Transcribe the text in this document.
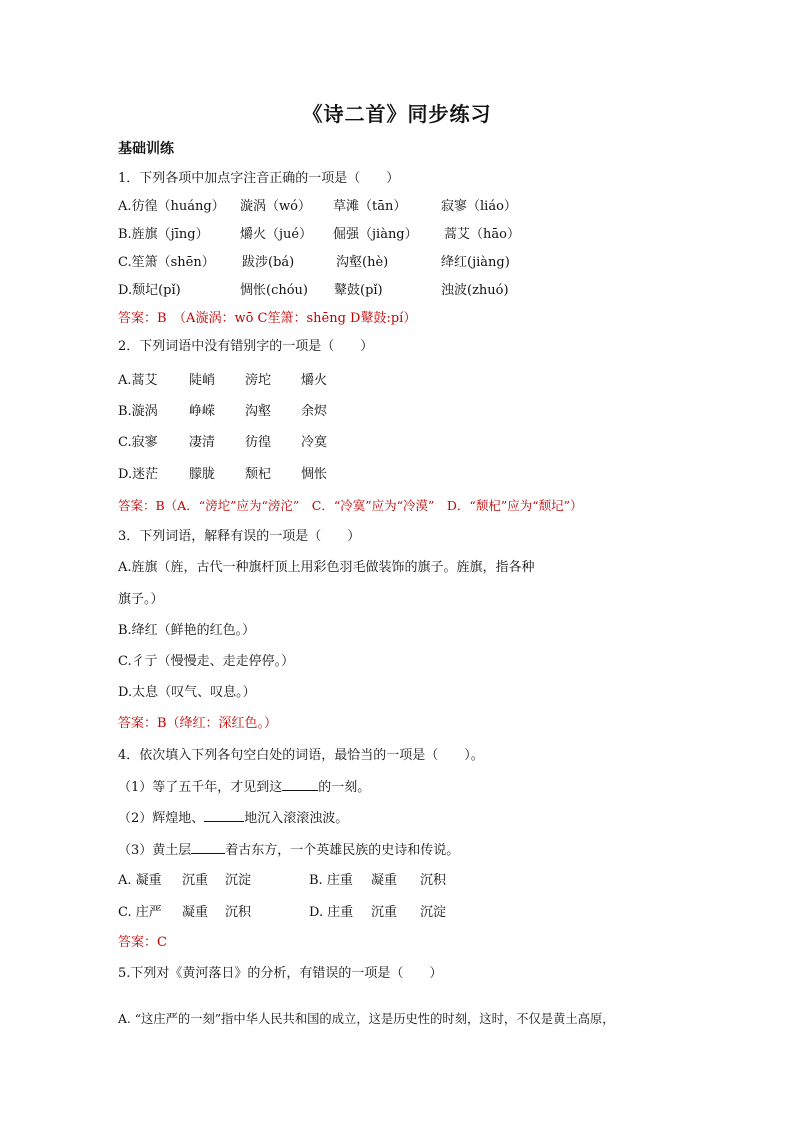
《诗二首》同步练习
基础训练
1．下列各项中加点字注音正确的一项是（　　）
A.彷徨（huáng） 漩涡（wó） 草滩（tān）	寂寥（liáo）
B.旌旗（jīng） 爝火（jué） 倔强（jiàng） 蒿艾（hāo）
C.笙箫（shēn） 跋涉(bá)	沟壑(hè)	绛红(jiàng)
D.颓圮(pǐ)	惆怅(chóu) 鼙鼓(pǐ)	浊波(zhuó)
答案：B　（A漩涡：wō C笙箫：shēng D鼙鼓:pí）
2．下列词语中没有错别字的一项是（　　）
A.蒿艾 陡峭 滂坨 爝火
B.漩涡 峥嵘 沟壑 余烬
C.寂寥 凄清 彷徨 冷寞
D.迷茫 朦胧 颓杞 惆怅
答案：B（A．“滂坨”应为“滂沱”　C．“冷寞”应为“冷漠”　D．“颓杞”应为“颓圮”）
3．下列词语，解释有误的一项是（　　）
A.旌旗（旌，古代一种旗杆顶上用彩色羽毛做装饰的旗子。旌旗，指各种
旗子。）
B.绛红（鲜艳的红色。）
C.彳亍（慢慢走、走走停停。）
D.太息（叹气、叹息。）
答案：B（绛红：深红色。）
4．依次填入下列各句空白处的词语，最恰当的一项是（　　）。
（1）等了五千年，才见到这	的一刻。
（2）辉煌地、	地沉入滚滚浊波。
（3）黄土层	着古东方，一个英雄民族的史诗和传说。
A. 凝重 沉重 沉淀	B. 庄重 凝重 沉积
C. 庄严 凝重 沉积	D. 庄重 沉重 沉淀
答案：C
5.下列对《黄河落日》的分析，有错误的一项是（　　）
A. “这庄严的一刻”指中华人民共和国的成立，这是历史性的时刻，这时，不仅是黄土高原，
